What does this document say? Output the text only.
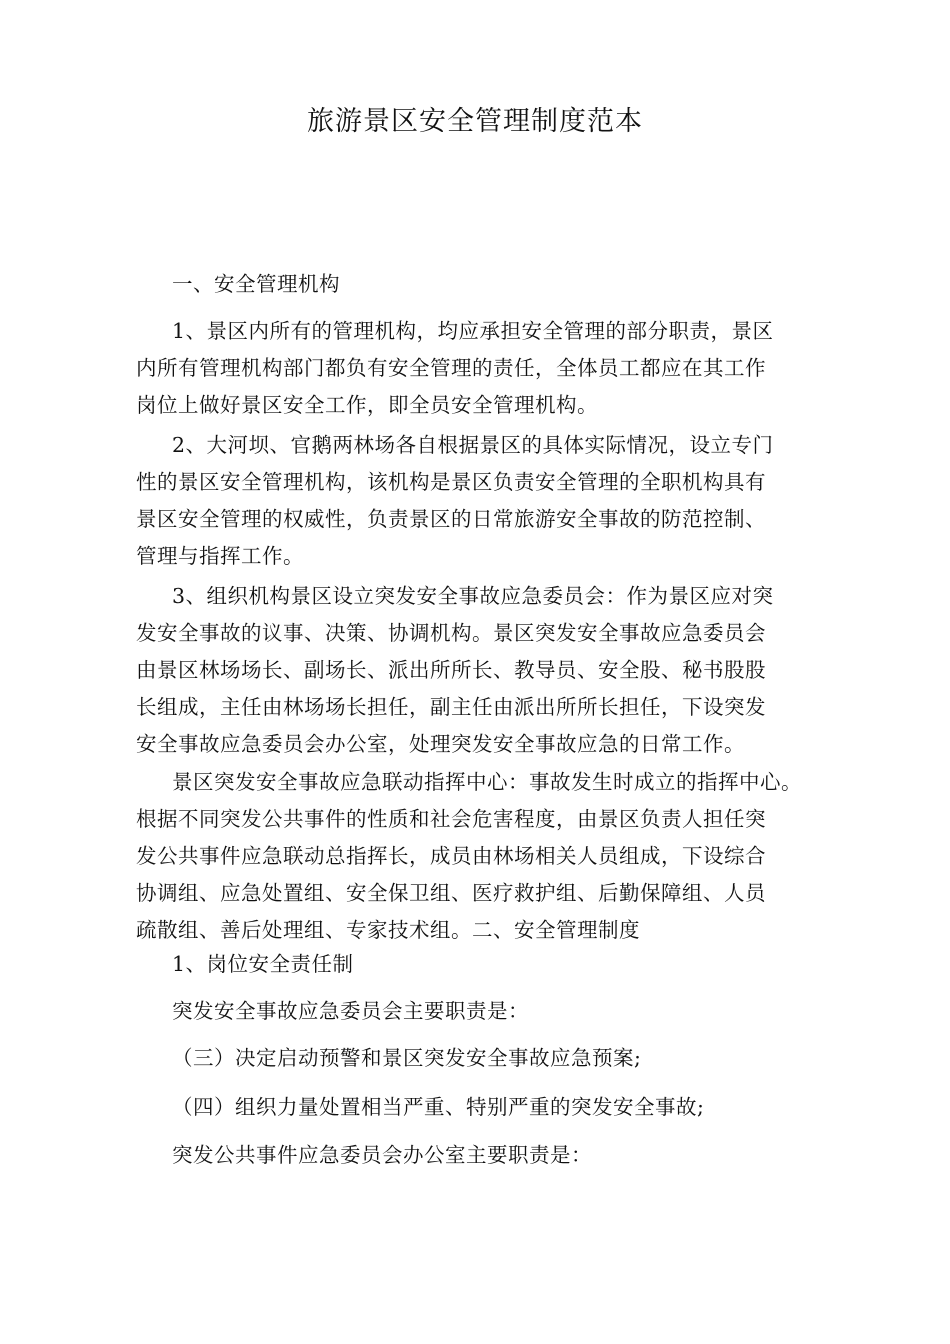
旅游景区安全管理制度范本

一、安全管理机构

1、景区内所有的管理机构，均应承担安全管理的部分职责，景区
内所有管理机构部门都负有安全管理的责任，全体员工都应在其工作
岗位上做好景区安全工作，即全员安全管理机构。

2、大河坝、官鹅两林场各自根据景区的具体实际情况，设立专门
性的景区安全管理机构，该机构是景区负责安全管理的全职机构具有
景区安全管理的权威性，负责景区的日常旅游安全事故的防范控制、
管理与指挥工作。

3、组织机构景区设立突发安全事故应急委员会：作为景区应对突
发安全事故的议事、决策、协调机构。景区突发安全事故应急委员会
由景区林场场长、副场长、派出所所长、教导员、安全股、秘书股股
长组成，主任由林场场长担任，副主任由派出所所长担任，下设突发
安全事故应急委员会办公室，处理突发安全事故应急的日常工作。

景区突发安全事故应急联动指挥中心：事故发生时成立的指挥中心。
根据不同突发公共事件的性质和社会危害程度，由景区负责人担任突
发公共事件应急联动总指挥长，成员由林场相关人员组成，下设综合
协调组、应急处置组、安全保卫组、医疗救护组、后勤保障组、人员
疏散组、善后处理组、专家技术组。二、安全管理制度

1、岗位安全责任制

突发安全事故应急委员会主要职责是：

（三）决定启动预警和景区突发安全事故应急预案;

（四）组织力量处置相当严重、特别严重的突发安全事故;

突发公共事件应急委员会办公室主要职责是：
